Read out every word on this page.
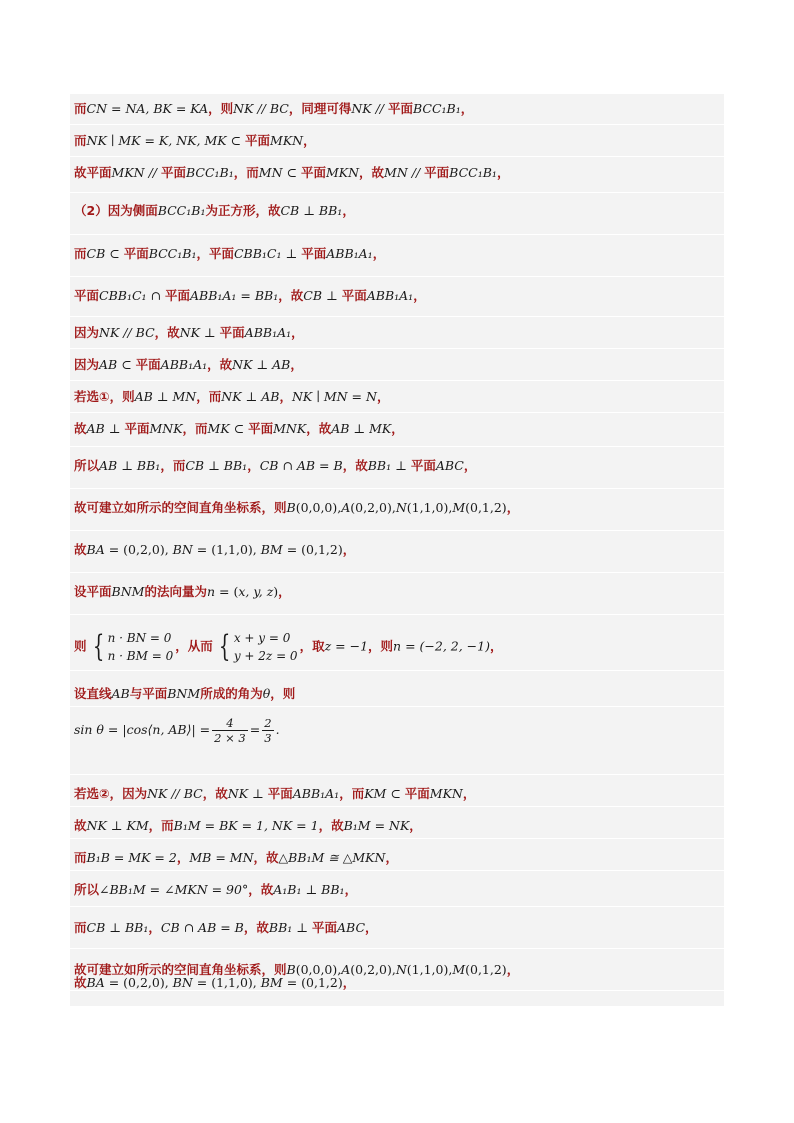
则 { n · BN = 0
n · BM = 0
，从而 { x + y = 0
y + 2z = 0
，取z = −1，则n = (−2, 2, −1)，
设直线AB与平面BNM所成的角为θ，则
sin θ = |cos⟨n, AB⟩| = $\frac{4}{2 \times 3} = \frac{2}{3}$ .
而CN = NA, BK = KA，则NK // BC，同理可得NK // 平面BCC₁B₁，
而NK ∣ MK = K, NK, MK ⊂ 平面MKN，
故平面MKN // 平面BCC₁B₁，而MN ⊂ 平面MKN，故MN // 平面BCC₁B₁，
（2）因为侧面BCC₁B₁为正方形，故CB ⊥ BB₁，
而CB ⊂ 平面BCC₁B₁，平面CBB₁C₁ ⊥ 平面ABB₁A₁，
平面CBB₁C₁ ∩ 平面ABB₁A₁ = BB₁，故CB ⊥ 平面ABB₁A₁，
因为NK // BC，故NK ⊥ 平面ABB₁A₁，
因为AB ⊂ 平面ABB₁A₁，故NK ⊥ AB，
若选①，则AB ⊥ MN，而NK ⊥ AB，NK ∣ MN = N，
故AB ⊥ 平面MNK，而MK ⊂ 平面MNK，故AB ⊥ MK，
所以AB ⊥ BB₁，而CB ⊥ BB₁，CB ∩ AB = B，故BB₁ ⊥ 平面ABC，
故可建立如所示的空间直角坐标系，则B(0,0,0),A(0,2,0),N(1,1,0),M(0,1,2)，
故BA = (0,2,0), BN = (1,1,0), BM = (0,1,2)，
设平面BNM的法向量为n = (x, y, z)，
若选②，因为NK // BC，故NK ⊥ 平面ABB₁A₁，而KM ⊂ 平面MKN，
故NK ⊥ KM，而B₁M = BK = 1, NK = 1，故B₁M = NK，
而B₁B = MK = 2，MB = MN，故△BB₁M ≅ △MKN，
所以∠BB₁M = ∠MKN = 90°，故A₁B₁ ⊥ BB₁，
而CB ⊥ BB₁，CB ∩ AB = B，故BB₁ ⊥ 平面ABC，
故可建立如所示的空间直角坐标系，则B(0,0,0),A(0,2,0),N(1,1,0),M(0,1,2)，
故BA = (0,2,0), BN = (1,1,0), BM = (0,1,2)，
